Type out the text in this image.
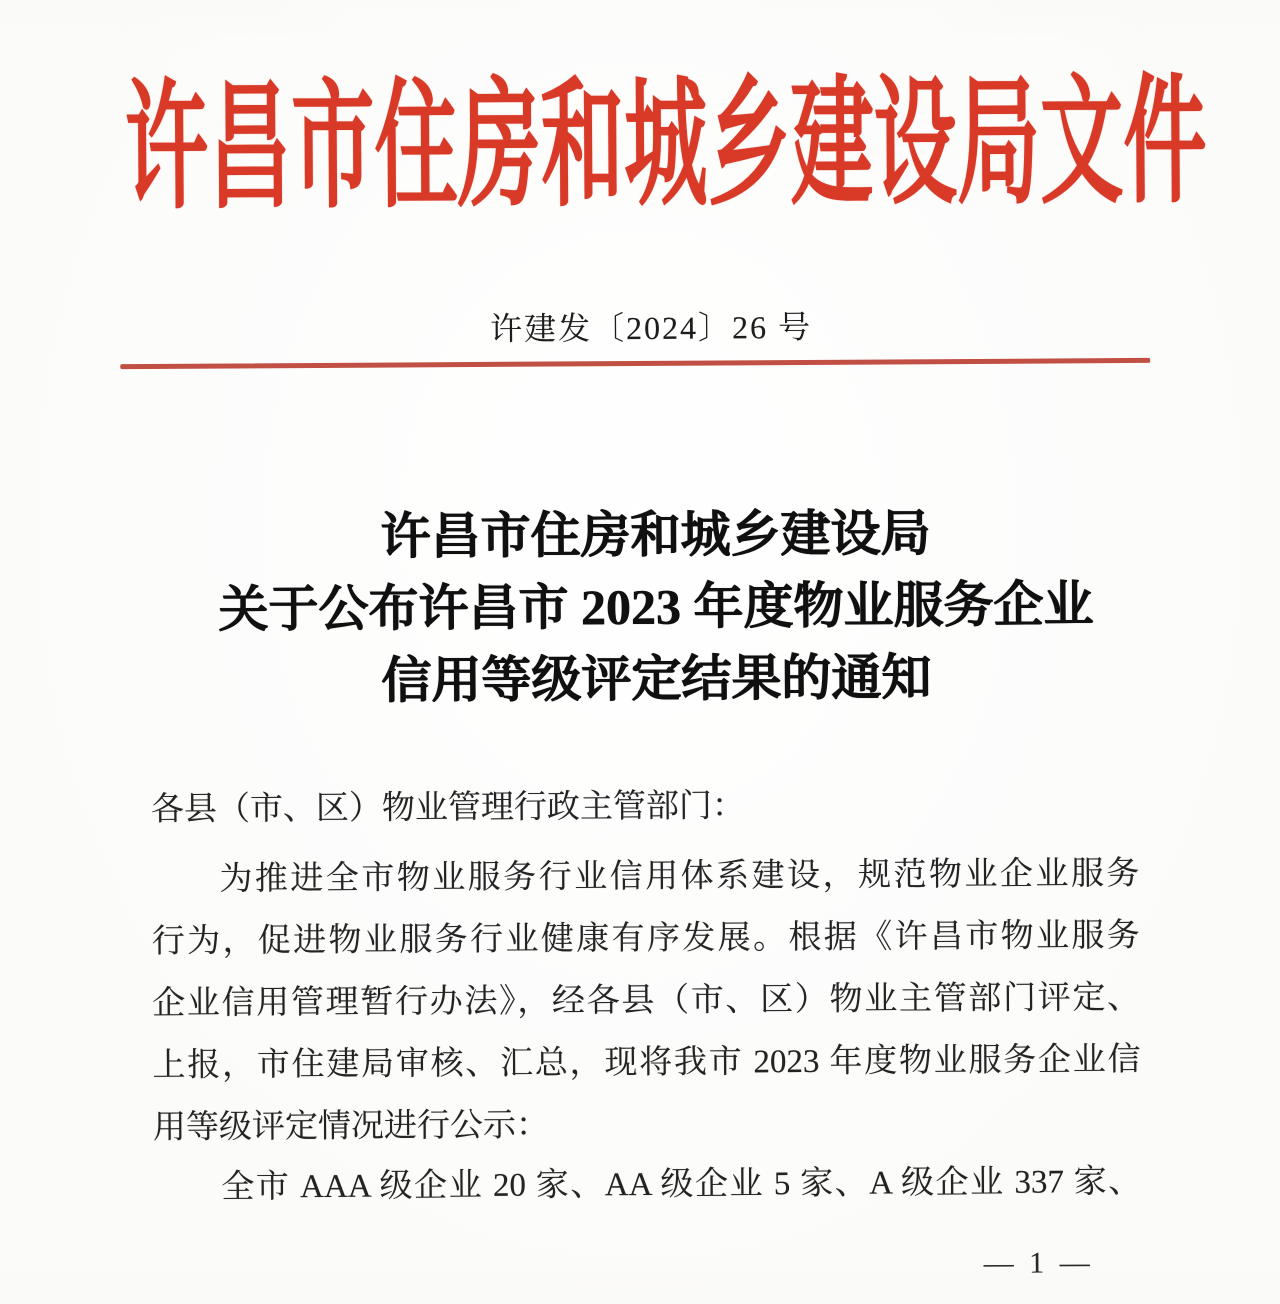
许昌市住房和城乡建设局文件
许建发〔2024〕26 号
许昌市住房和城乡建设局
关于公布许昌市 2023 年度物业服务企业
信用等级评定结果的通知
各县（市、区）物业管理行政主管部门：
为推进全市物业服务行业信用体系建设，规范物业企业服务
行为，促进物业服务行业健康有序发展。根据《许昌市物业服务
企业信用管理暂行办法》，经各县（市、区）物业主管部门评定、
上报，市住建局审核、汇总，现将我市 2023 年度物业服务企业信
用等级评定情况进行公示：
全市 AAA 级企业 20 家、AA 级企业 5 家、A 级企业 337 家、
— 1 —
